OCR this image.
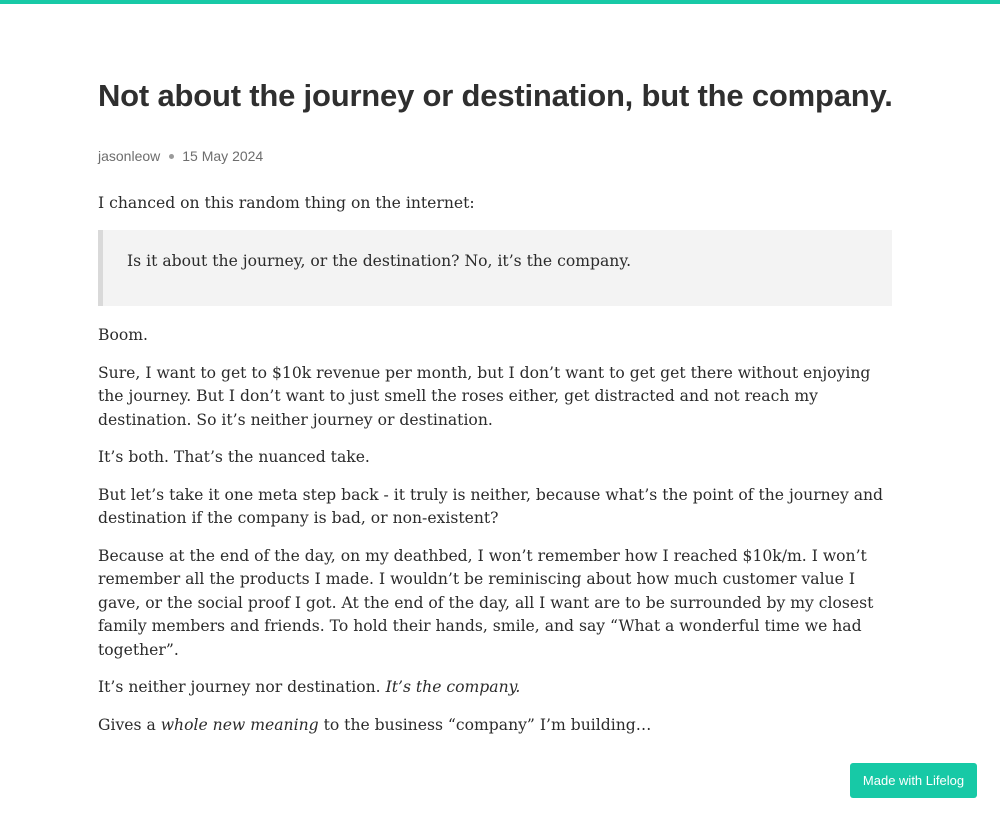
Not about the journey or destination, but the company.
jasonleow 15 May 2024

I chanced on this random thing on the internet:

Is it about the journey, or the destination? No, it’s the company.

Boom.

Sure, I want to get to $10k revenue per month, but I don’t want to get get there without enjoying the journey. But I don’t want to just smell the roses either, get distracted and not reach my destination. So it’s neither journey or destination.

It’s both. That’s the nuanced take.

But let’s take it one meta step back - it truly is neither, because what’s the point of the journey and destination if the company is bad, or non-existent?

Because at the end of the day, on my deathbed, I won’t remember how I reached $10k/m. I won’t remember all the products I made. I wouldn’t be reminiscing about how much customer value I gave, or the social proof I got. At the end of the day, all I want are to be surrounded by my closest family members and friends. To hold their hands, smile, and say “What a wonderful time we had together”.

It’s neither journey nor destination. It’s the company.

Gives a whole new meaning to the business “company” I’m building…

Made with Lifelog
